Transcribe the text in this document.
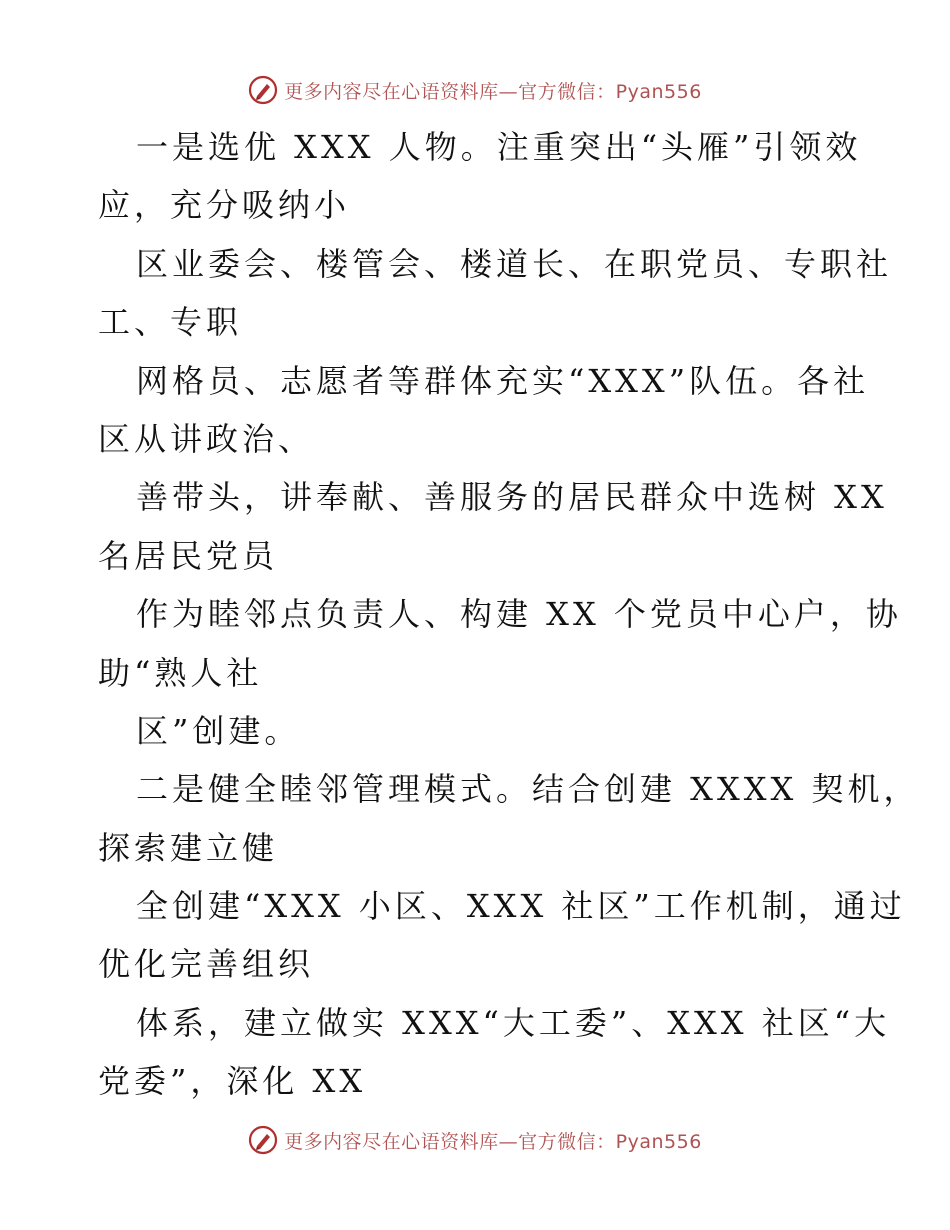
更多内容尽在心语资料库—官方微信：Pyan556
一是选优 XXX 人物。注重突出“头雁”引领效
应，充分吸纳小
区业委会、楼管会、楼道长、在职党员、专职社
工、专职
网格员、志愿者等群体充实“XXX”队伍。各社
区从讲政治、
善带头，讲奉献、善服务的居民群众中选树 XX
名居民党员
作为睦邻点负责人、构建 XX 个党员中心户，协
助“熟人社
区”创建。
二是健全睦邻管理模式。结合创建 XXXX 契机，
探索建立健
全创建“XXX 小区、XXX 社区”工作机制，通过
优化完善组织
体系，建立做实 XXX“大工委”、XXX 社区“大
党委”，深化 XX
更多内容尽在心语资料库—官方微信：Pyan556
